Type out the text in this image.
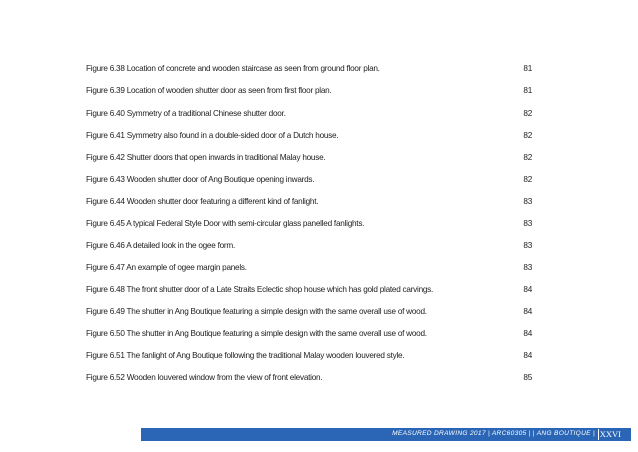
Figure 6.38 Location of concrete and wooden staircase as seen from ground floor plan.	81
Figure 6.39 Location of wooden shutter door as seen from first floor plan.	81
Figure 6.40 Symmetry of a traditional Chinese shutter door.	82
Figure 6.41 Symmetry also found in a double-sided door of a Dutch house.	82
Figure 6.42 Shutter doors that open inwards in traditional Malay house.	82
Figure 6.43 Wooden shutter door of Ang Boutique opening inwards.	82
Figure 6.44 Wooden shutter door featuring a different kind of fanlight.	83
Figure 6.45 A typical Federal Style Door with semi-circular glass panelled fanlights.	83
Figure 6.46 A detailed look in the ogee form.	83
Figure 6.47 An example of ogee margin panels.	83
Figure 6.48 The front shutter door of a Late Straits Eclectic shop house which has gold plated carvings.	84
Figure 6.49 The shutter in Ang Boutique featuring a simple design with the same overall use of wood.	84
Figure 6.50 The shutter in Ang Boutique featuring a simple design with the same overall use of wood.	84
Figure 6.51 The fanlight of Ang Boutique following the traditional Malay wooden louvered style.	84
Figure 6.52 Wooden louvered window from the view of front elevation.	85
MEASURED DRAWING 2017 | ARC60305 | | ANG BOUTIQUE | XXVI
